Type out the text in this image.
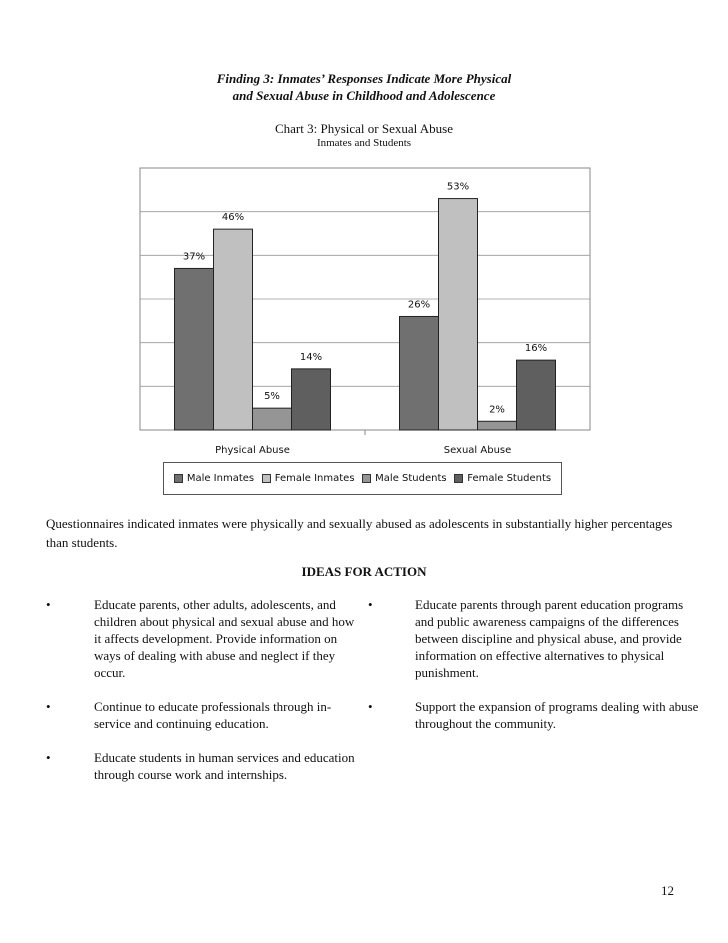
Finding 3: Inmates’ Responses Indicate More Physical
and Sexual Abuse in Childhood and Adolescence
Chart 3: Physical or Sexual Abuse
Inmates and Students
37%
46%
5%
14%
Physical Abuse
26%
53%
2%
16%
Sexual Abuse
Male Inmates Female Inmates Male Students Female Students
Questionnaires indicated inmates were physically and sexually abused as adolescents in substantially higher percentages than students.
IDEAS FOR ACTION
•	Educate parents, other adults, adolescents, and children about physical and sexual abuse and how it affects development. Provide information on ways of dealing with abuse and neglect if they occur.
•	Continue to educate professionals through in-service and continuing education.
•	Educate students in human services and education through course work and internships.
•	Educate parents through parent education programs and public awareness campaigns of the differences between discipline and physical abuse, and provide information on effective alternatives to physical punishment.
•	Support the expansion of programs dealing with abuse throughout the community.
12
